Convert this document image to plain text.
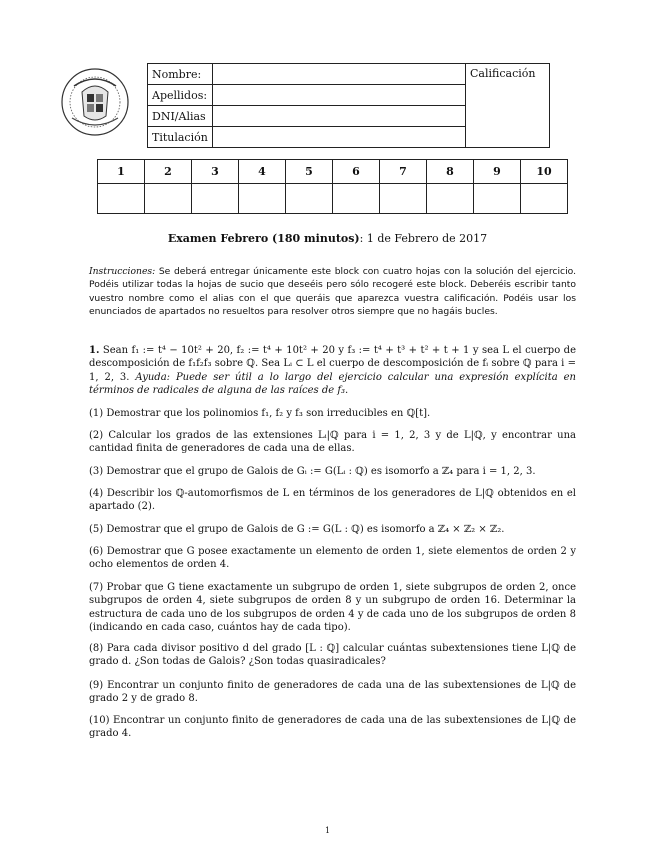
Nombre:		Calificación
Apellidos:		
DNI/Alias		
Titulación		
1	2	3	4	5	6	7	8	9	10

Examen Febrero (180 minutos): 1 de Febrero de 2017
Instrucciones: Se deberá entregar únicamente este block con cuatro hojas con la solución del ejercicio. Podéis utilizar todas la hojas de sucio que deseéis pero sólo recogeré este block. Deberéis escribir tanto vuestro nombre como el alias con el que queráis que aparezca vuestra calificación. Podéis usar los enunciados de apartados no resueltos para resolver otros siempre que no hagáis bucles.
1. Sean f₁ := t⁴ − 10t² + 20, f₂ := t⁴ + 10t² + 20 y f₃ := t⁴ + t³ + t² + t + 1 y sea L el cuerpo de descomposición de f₁f₂f₃ sobre ℚ. Sea Lᵢ ⊂ L el cuerpo de descomposición de fᵢ sobre ℚ para i = 1, 2, 3. Ayuda: Puede ser útil a lo largo del ejercicio calcular una expresión explícita en términos de radicales de alguna de las raíces de f₃.
(1) Demostrar que los polinomios f₁, f₂ y f₃ son irreducibles en ℚ[t].
(2) Calcular los grados de las extensiones Lᵢ|ℚ para i = 1, 2, 3 y de L|ℚ, y encontrar una cantidad finita de generadores de cada una de ellas.
(3) Demostrar que el grupo de Galois de Gᵢ := G(Lᵢ : ℚ) es isomorfo a ℤ₄ para i = 1, 2, 3.
(4) Describir los ℚ-automorfismos de L en términos de los generadores de L|ℚ obtenidos en el apartado (2).
(5) Demostrar que el grupo de Galois de G := G(L : ℚ) es isomorfo a ℤ₄ × ℤ₂ × ℤ₂.
(6) Demostrar que G posee exactamente un elemento de orden 1, siete elementos de orden 2 y ocho elementos de orden 4.
(7) Probar que G tiene exactamente un subgrupo de orden 1, siete subgrupos de orden 2, once subgrupos de orden 4, siete subgrupos de orden 8 y un subgrupo de orden 16. Determinar la estructura de cada uno de los subgrupos de orden 4 y de cada uno de los subgrupos de orden 8 (indicando en cada caso, cuántos hay de cada tipo).
(8) Para cada divisor positivo d del grado [L : ℚ] calcular cuántas subextensiones tiene L|ℚ de grado d. ¿Son todas de Galois? ¿Son todas quasiradicales?
(9) Encontrar un conjunto finito de generadores de cada una de las subextensiones de L|ℚ de grado 2 y de grado 8.
(10) Encontrar un conjunto finito de generadores de cada una de las subextensiones de L|ℚ de grado 4.
1
